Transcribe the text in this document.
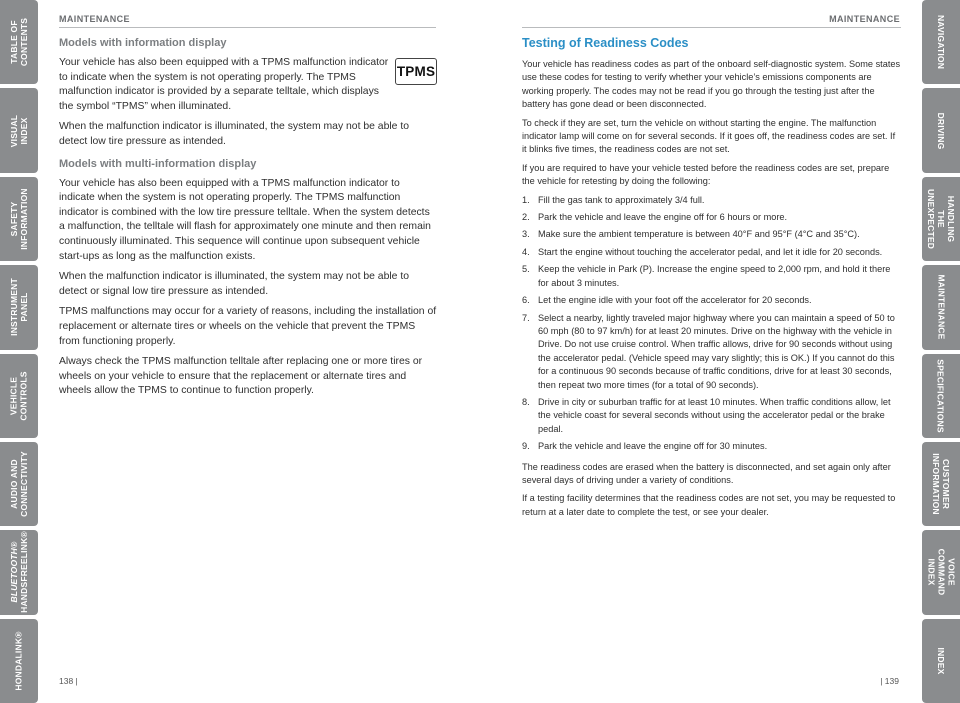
TABLE OF CONTENTS
VISUAL INDEX
SAFETY
INFORMATION
INSTRUMENT PANEL
VEHICLE
CONTROLS
AUDIO AND
CONNECTIVITY
BLUETOOTH®
HANDSFREELINK®
HONDALINK®
NAVIGATION
DRIVING
HANDLING THE
UNEXPECTED
MAINTENANCE
SPECIFICATIONS
CUSTOMER
INFORMATION
VOICE COMMAND
INDEX
INDEX
MAINTENANCE	MAINTENANCE
Models with information display
TPMS

Your vehicle has also been equipped with a TPMS malfunction indicator to indicate when the system is not operating properly. The TPMS malfunction indicator is provided by a separate telltale, which displays the symbol “TPMS” when illuminated.

When the malfunction indicator is illuminated, the system may not be able to detect low tire pressure as intended.

Models with multi-information display

Your vehicle has also been equipped with a TPMS malfunction indicator to indicate when the system is not operating properly. The TPMS malfunction indicator is combined with the low tire pressure telltale. When the system detects a malfunction, the telltale will flash for approximately one minute and then remain continuously illuminated. This sequence will continue upon subsequent vehicle start-ups as long as the malfunction exists.

When the malfunction indicator is illuminated, the system may not be able to detect or signal low tire pressure as intended.

TPMS malfunctions may occur for a variety of reasons, including the installation of replacement or alternate tires or wheels on the vehicle that prevent the TPMS from functioning properly.

Always check the TPMS malfunction telltale after replacing one or more tires or wheels on your vehicle to ensure that the replacement or alternate tires and wheels allow the TPMS to continue to function properly.

Testing of Readiness Codes

Your vehicle has readiness codes as part of the onboard self-diagnostic system. Some states use these codes for testing to verify whether your vehicle’s emissions components are working properly. The codes may not be read if you go through the testing just after the battery has gone dead or been disconnected.

To check if they are set, turn the vehicle on without starting the engine. The malfunction indicator lamp will come on for several seconds. If it goes off, the readiness codes are set. If it blinks five times, the readiness codes are not set.

If you are required to have your vehicle tested before the readiness codes are set, prepare the vehicle for retesting by doing the following:

1. Fill the gas tank to approximately 3/4 full.
2. Park the vehicle and leave the engine off for 6 hours or more.
3. Make sure the ambient temperature is between 40°F and 95°F (4°C and 35°C).
4. Start the engine without touching the accelerator pedal, and let it idle for 20 seconds.
5. Keep the vehicle in Park (P). Increase the engine speed to 2,000 rpm, and hold it there for about 3 minutes.
6. Let the engine idle with your foot off the accelerator for 20 seconds.
7. Select a nearby, lightly traveled major highway where you can maintain a speed of 50 to 60 mph (80 to 97 km/h) for at least 20 minutes. Drive on the highway with the vehicle in Drive. Do not use cruise control. When traffic allows, drive for 90 seconds without using the accelerator pedal. (Vehicle speed may vary slightly; this is OK.) If you cannot do this for a continuous 90 seconds because of traffic conditions, drive for at least 30 seconds, then repeat two more times (for a total of 90 seconds).
8. Drive in city or suburban traffic for at least 10 minutes. When traffic conditions allow, let the vehicle coast for several seconds without using the accelerator pedal or the brake pedal.
9. Park the vehicle and leave the engine off for 30 minutes.

The readiness codes are erased when the battery is disconnected, and set again only after several days of driving under a variety of conditions.

If a testing facility determines that the readiness codes are not set, you may be requested to return at a later date to complete the test, or see your dealer.

138 |	| 139
